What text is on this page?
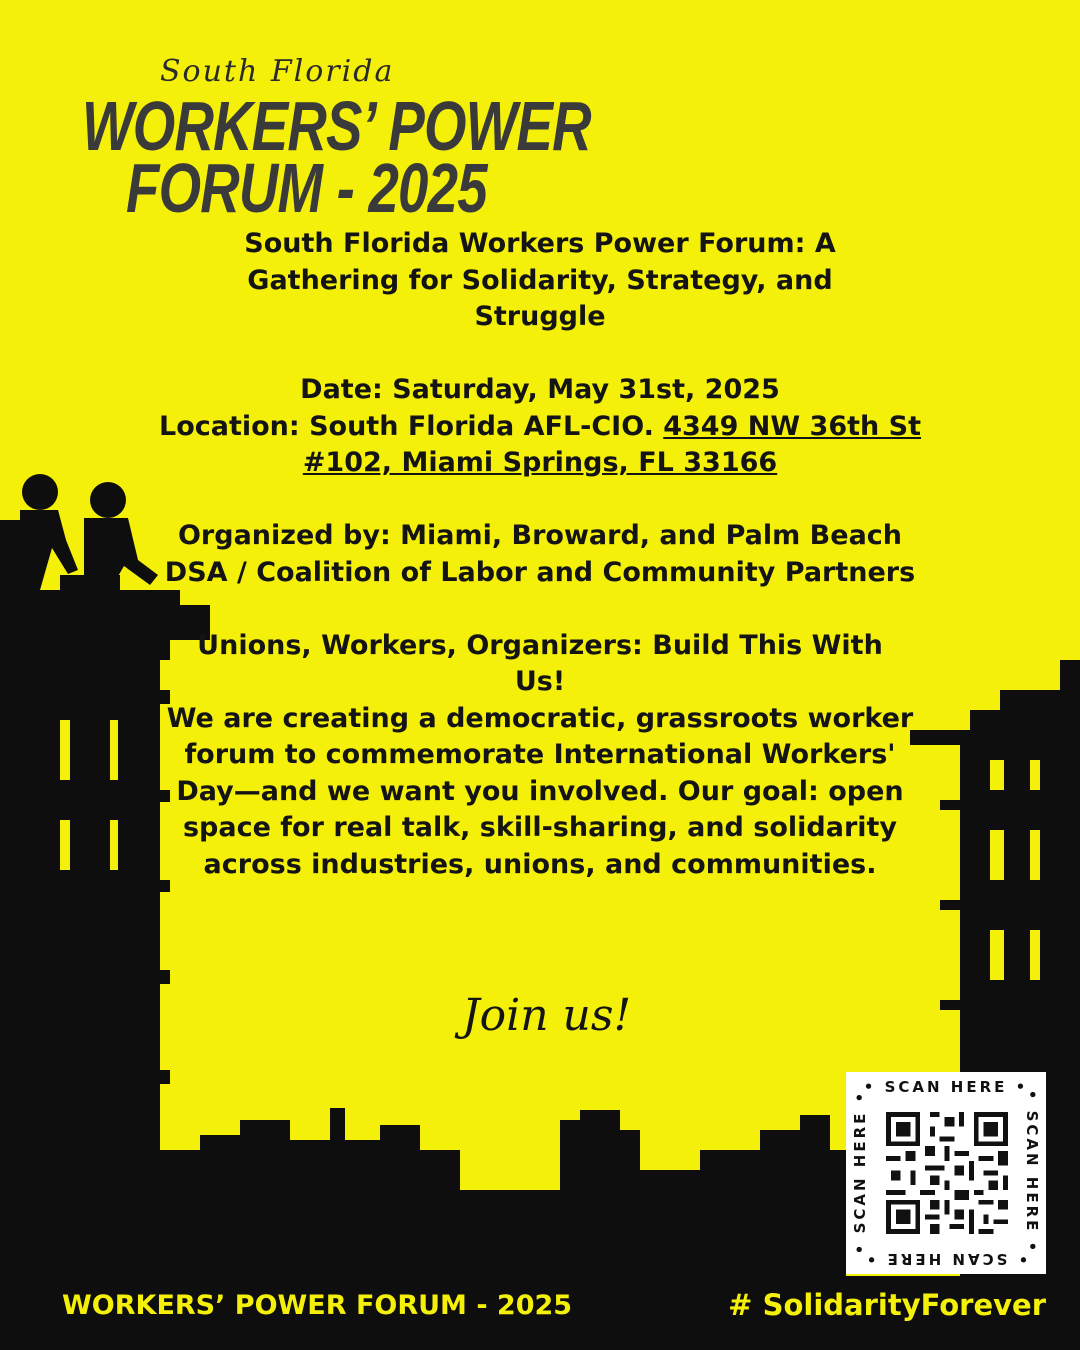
South Florida
WORKERS’ POWER
FORUM - 2025

South Florida Workers Power Forum: A Gathering for Solidarity, Strategy, and Struggle

Date: Saturday, May 31st, 2025

Location: South Florida AFL-CIO. 4349 NW 36th St #102, Miami Springs, FL 33166

Organized by: Miami, Broward, and Palm Beach DSA / Coalition of Labor and Community Partners

Unions, Workers, Organizers: Build This With Us!

We are creating a democratic, grassroots worker forum to commemorate International Workers' Day—and we want you involved. Our goal: open space for real talk, skill-sharing, and solidarity across industries, unions, and communities.

Join us!
• SCAN HERE •
• SCAN HERE •
• SCAN HERE •
• SCAN HERE •
WORKERS’ POWER FORUM - 2025	# SolidarityForever
